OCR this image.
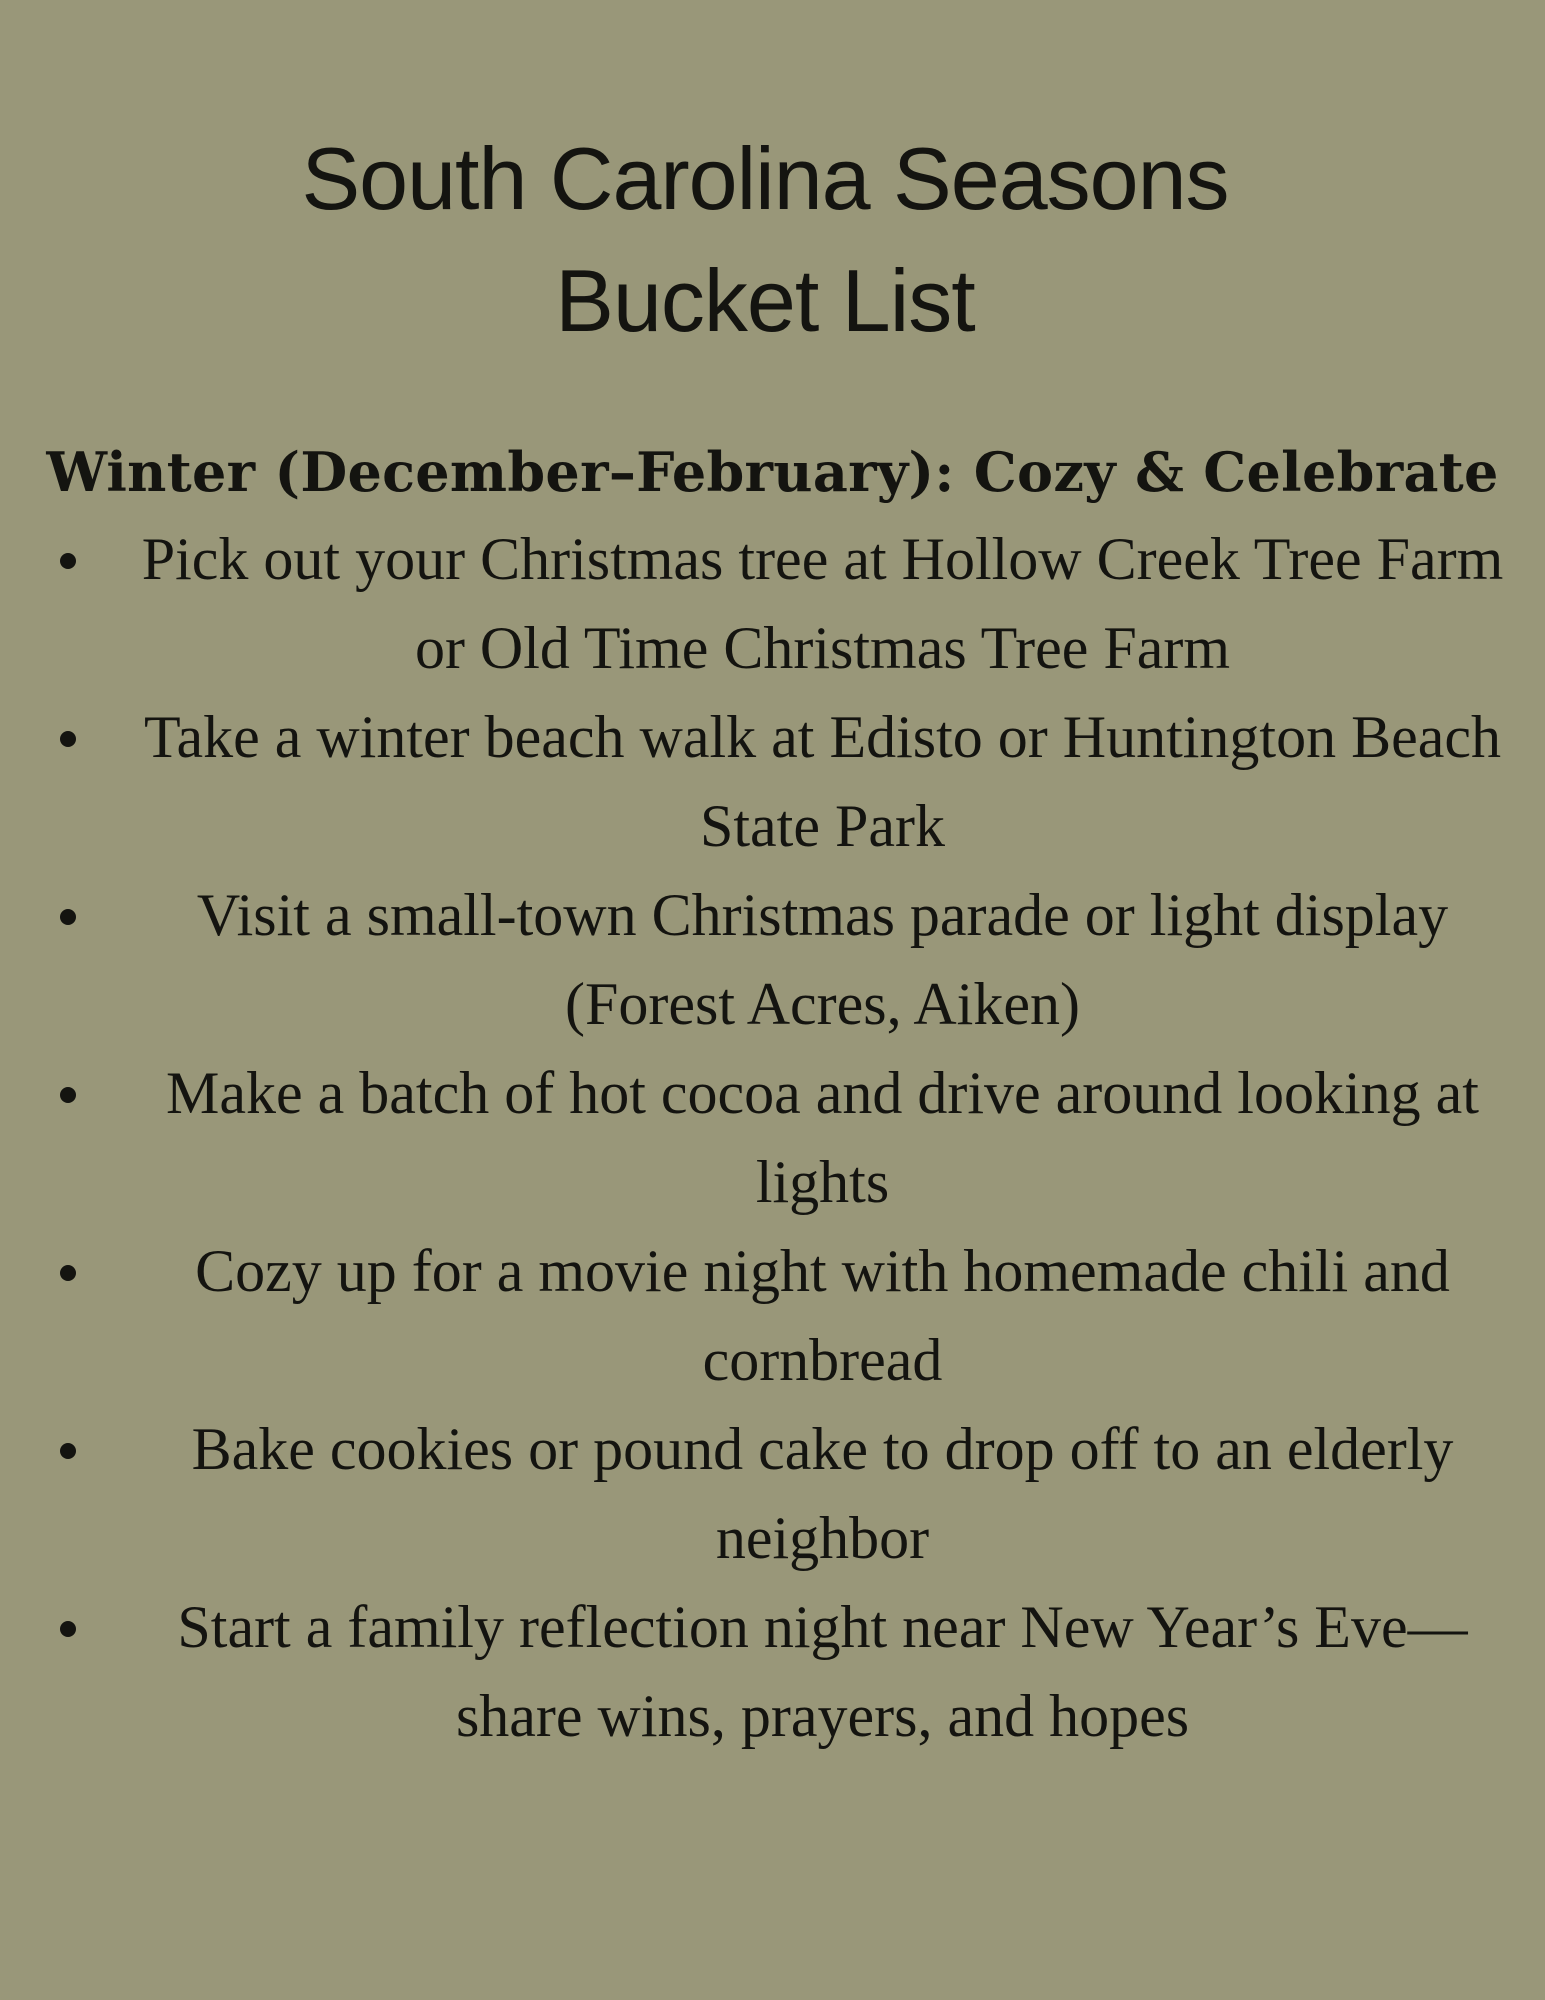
South Carolina Seasons
Bucket List
Winter (December–February): Cozy & Celebrate
Pick out your Christmas tree at Hollow Creek Tree Farm or Old Time Christmas Tree Farm
Take a winter beach walk at Edisto or Huntington Beach State Park
Visit a small-town Christmas parade or light display (Forest Acres, Aiken)
Make a batch of hot cocoa and drive around looking at lights
Cozy up for a movie night with homemade chili and cornbread
Bake cookies or pound cake to drop off to an elderly neighbor
Start a family reflection night near New Year’s Eve—share wins, prayers, and hopes
